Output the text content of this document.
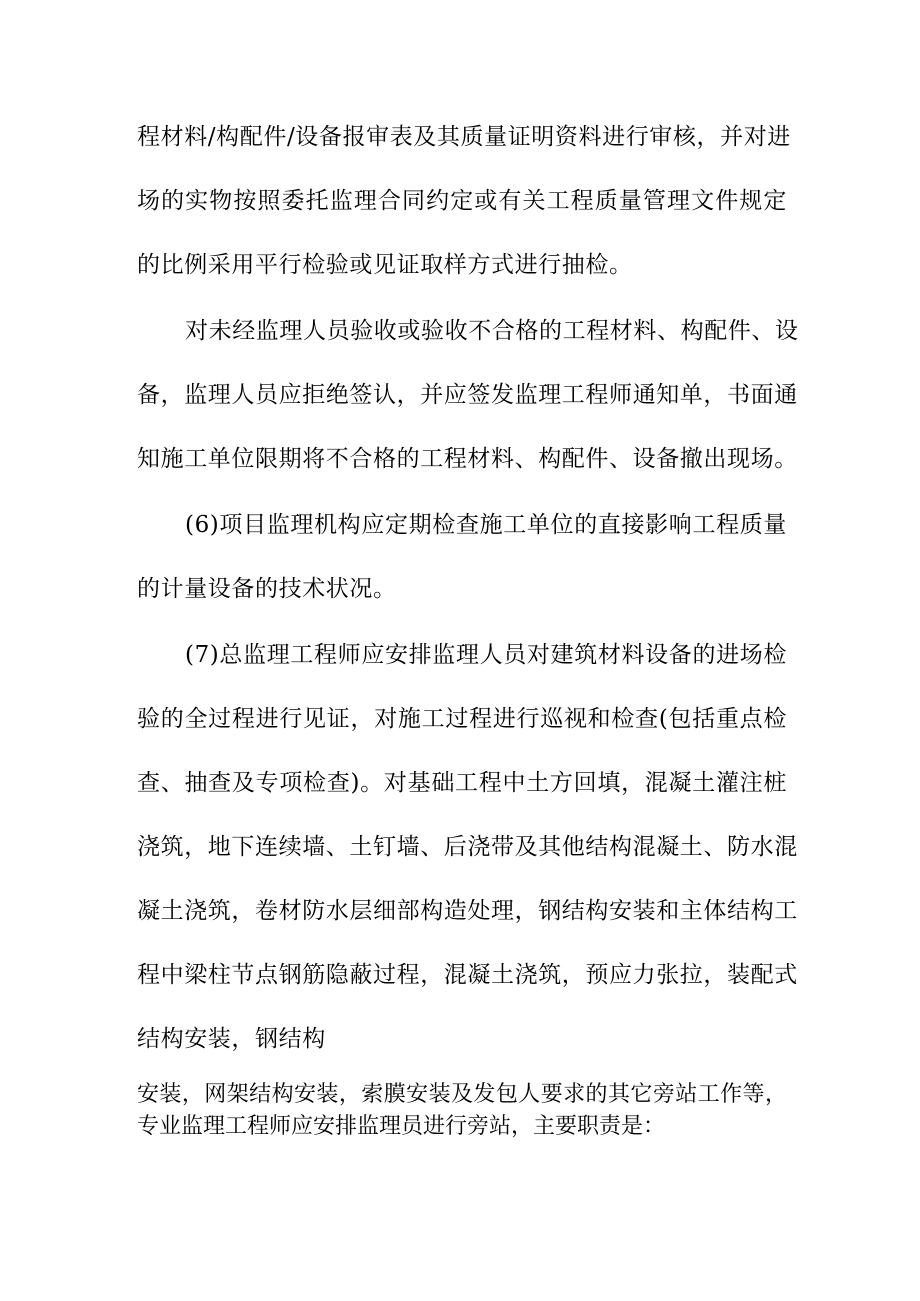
程材料/构配件/设备报审表及其质量证明资料进行审核，并对进
场的实物按照委托监理合同约定或有关工程质量管理文件规定
的比例采用平行检验或见证取样方式进行抽检。
对未经监理人员验收或验收不合格的工程材料、构配件、设
备，监理人员应拒绝签认，并应签发监理工程师通知单，书面通
知施工单位限期将不合格的工程材料、构配件、设备撤出现场。
(6)项目监理机构应定期检查施工单位的直接影响工程质量
的计量设备的技术状况。
(7)总监理工程师应安排监理人员对建筑材料设备的进场检
验的全过程进行见证，对施工过程进行巡视和检查(包括重点检
查、抽查及专项检查)。对基础工程中土方回填，混凝土灌注桩
浇筑，地下连续墙、土钉墙、后浇带及其他结构混凝土、防水混
凝土浇筑，卷材防水层细部构造处理，钢结构安装和主体结构工
程中梁柱节点钢筋隐蔽过程，混凝土浇筑，预应力张拉，装配式
结构安装，钢结构
安装，网架结构安装，索膜安装及发包人要求的其它旁站工作等，
专业监理工程师应安排监理员进行旁站，主要职责是：
